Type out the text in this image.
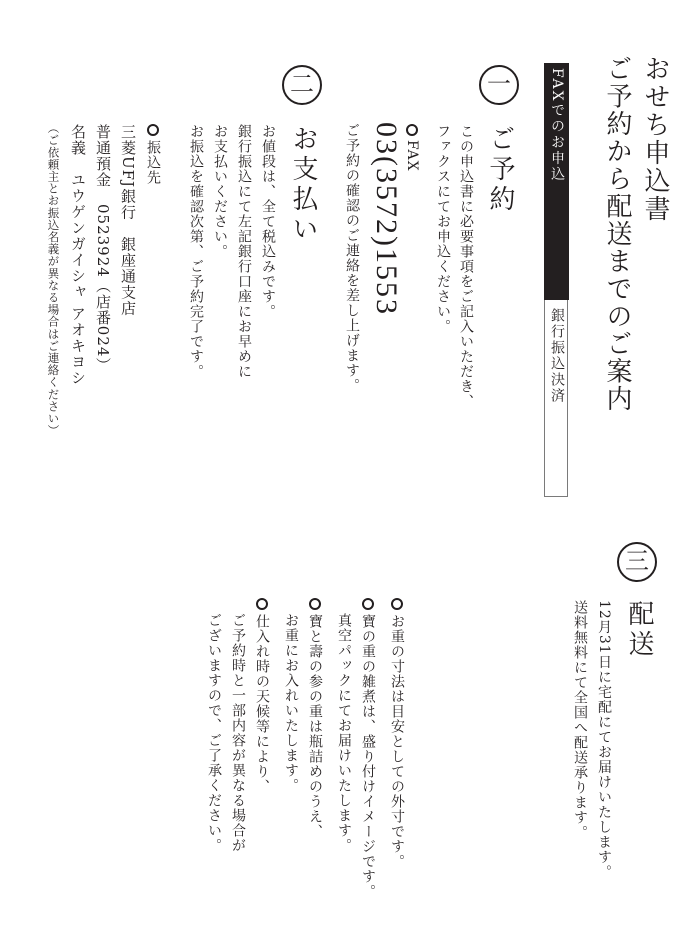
おせち申込書
ご予約から配送までのご案内
FAXでのお申込
銀行振込決済
一
ご予約
この申込書に必要事項をご記入いただき、
ファクスにてお申込ください。
FAX
03(3572)1553
ご予約の確認のご連絡を差し上げます。
二
お支払い
お値段は、全て税込みです。
銀行振込にて左記銀行口座にお早めに
お支払いください。
お振込を確認次第、ご予約完了です。
振込先
三菱UFJ銀行　銀座通支店
普通預金　0523924（店番024）
名義　ユウゲンガイシャ アオキヨシ
（ご依頼主とお振込名義が異なる場合はご連絡ください）
三
配送
12月31日に宅配にてお届けいたします。
送料無料にて全国へ配送承ります。
お重の寸法は目安としての外寸です。
寶の重の雑煮は、盛り付けイメージです。
真空パックにてお届けいたします。
寶と壽の参の重は瓶詰めのうえ、
お重にお入れいたします。
仕入れ時の天候等により、
ご予約時と一部内容が異なる場合が
ございますので、ご了承ください。
